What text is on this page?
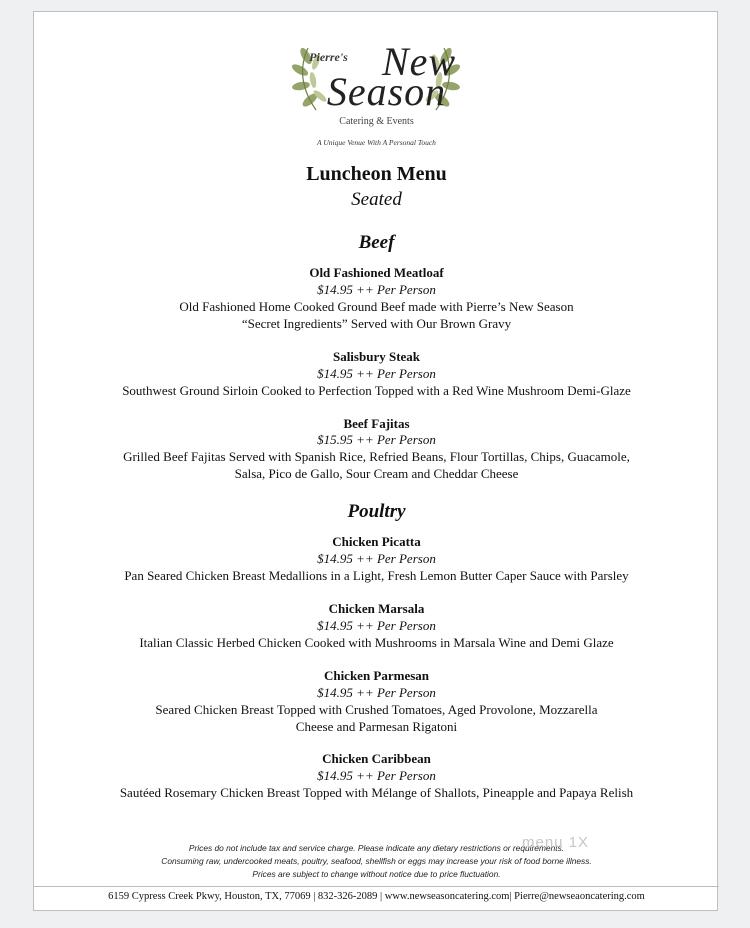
Pierre's New
Season
Catering & Events
A Unique Venue With A Personal Touch
Luncheon Menu
Seated
Beef
Old Fashioned Meatloaf
$14.95 ++ Per Person
Old Fashioned Home Cooked Ground Beef made with Pierre’s New Season
“Secret Ingredients” Served with Our Brown Gravy
Salisbury Steak
$14.95 ++ Per Person
Southwest Ground Sirloin Cooked to Perfection Topped with a Red Wine Mushroom Demi-Glaze
Beef Fajitas
$15.95 ++ Per Person
Grilled Beef Fajitas Served with Spanish Rice, Refried Beans, Flour Tortillas, Chips, Guacamole,
Salsa, Pico de Gallo, Sour Cream and Cheddar Cheese
Poultry
Chicken Picatta
$14.95 ++ Per Person
Pan Seared Chicken Breast Medallions in a Light, Fresh Lemon Butter Caper Sauce with Parsley
Chicken Marsala
$14.95 ++ Per Person
Italian Classic Herbed Chicken Cooked with Mushrooms in Marsala Wine and Demi Glaze
Chicken Parmesan
$14.95 ++ Per Person
Seared Chicken Breast Topped with Crushed Tomatoes, Aged Provolone, Mozzarella
Cheese and Parmesan Rigatoni
Chicken Caribbean
$14.95 ++ Per Person
Sautéed Rosemary Chicken Breast Topped with Mélange of Shallots, Pineapple and Papaya Relish
Prices do not include tax and service charge. Please indicate any dietary restrictions or requirements.
Consuming raw, undercooked meats, poultry, seafood, shellfish or eggs may increase your risk of food borne illness.
Prices are subject to change without notice due to price fluctuation.
menu 1X
6159 Cypress Creek Pkwy, Houston, TX, 77069 | 832-326-2089 | www.newseasoncatering.com| Pierre@newseaoncatering.com
